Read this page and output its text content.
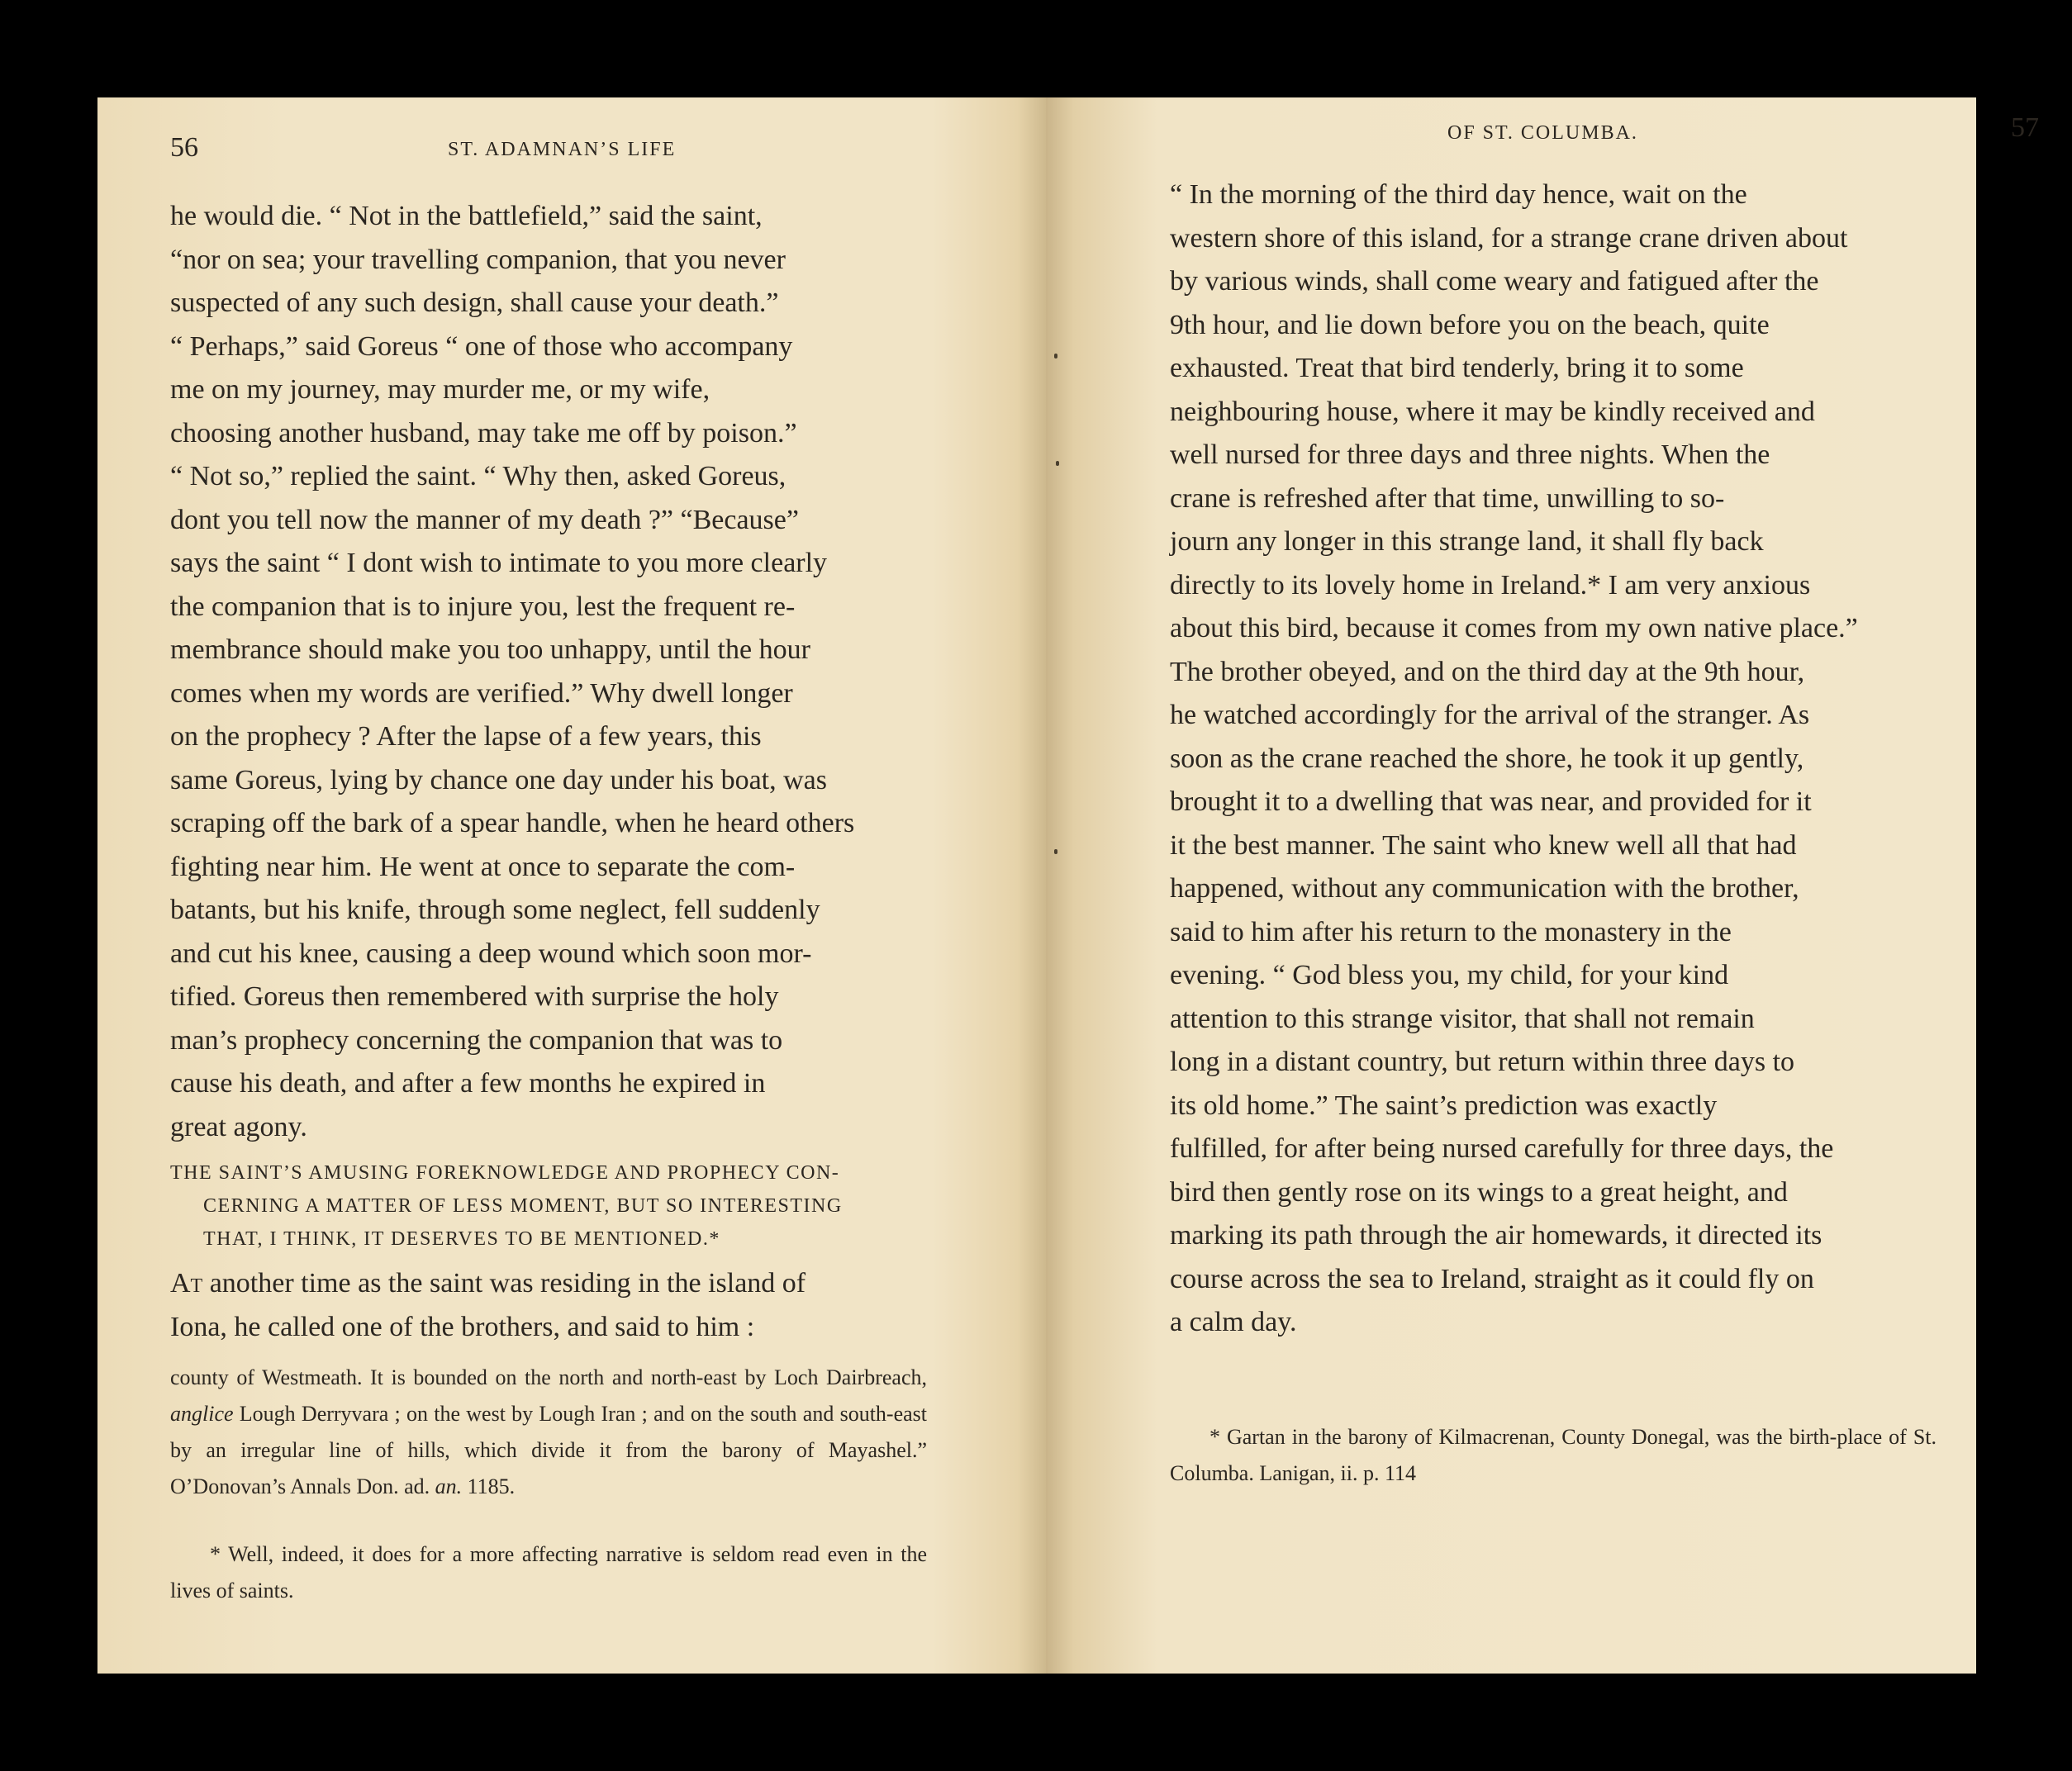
56	ST. ADAMNAN’S LIFE

he would die. “ Not in the battlefield,” said the saint,

“nor on sea; your travelling companion, that you never

suspected of any such design, shall cause your death.”

“ Perhaps,” said Goreus “ one of those who accompany

me on my journey, may murder me, or my wife,

choosing another husband, may take me off by poison.”

“ Not so,” replied the saint. “ Why then, asked Goreus,

dont you tell now the manner of my death ?” “Because”

says the saint “ I dont wish to intimate to you more clearly

the companion that is to injure you, lest the frequent re-

membrance should make you too unhappy, until the hour

comes when my words are verified.” Why dwell longer

on the prophecy ? After the lapse of a few years, this

same Goreus, lying by chance one day under his boat, was

scraping off the bark of a spear handle, when he heard others

fighting near him. He went at once to separate the com-

batants, but his knife, through some neglect, fell suddenly

and cut his knee, causing a deep wound which soon mor-

tified. Goreus then remembered with surprise the holy

man’s prophecy concerning the companion that was to

cause his death, and after a few months he expired in

great agony.

THE SAINT’S AMUSING FOREKNOWLEDGE AND PROPHECY CON-
CERNING A MATTER OF LESS MOMENT, BUT SO INTERESTING
THAT, I THINK, IT DESERVES TO BE MENTIONED.*

At another time as the saint was residing in the island of

Iona, he called one of the brothers, and said to him :

county of Westmeath. It is bounded on the north and north-east by Loch Dairbreach, anglice Lough Derryvara ; on the west by Lough Iran ; and on the south and south-east by an irregular line of hills, which divide it from the barony of Mayashel.” O’Donovan’s Annals Don. ad. an. 1185.
* Well, indeed, it does for a more affecting narrative is seldom read even in the lives of saints.
OF ST. COLUMBA.	57

“ In the morning of the third day hence, wait on the

western shore of this island, for a strange crane driven about

by various winds, shall come weary and fatigued after the

9th hour, and lie down before you on the beach, quite

exhausted. Treat that bird tenderly, bring it to some

neighbouring house, where it may be kindly received and

well nursed for three days and three nights. When the

crane is refreshed after that time, unwilling to so-

journ any longer in this strange land, it shall fly back

directly to its lovely home in Ireland.* I am very anxious

about this bird, because it comes from my own native place.”

The brother obeyed, and on the third day at the 9th hour,

he watched accordingly for the arrival of the stranger. As

soon as the crane reached the shore, he took it up gently,

brought it to a dwelling that was near, and provided for it

it the best manner. The saint who knew well all that had

happened, without any communication with the brother,

said to him after his return to the monastery in the

evening. “ God bless you, my child, for your kind

attention to this strange visitor, that shall not remain

long in a distant country, but return within three days to

its old home.” The saint’s prediction was exactly

fulfilled, for after being nursed carefully for three days, the

bird then gently rose on its wings to a great height, and

marking its path through the air homewards, it directed its

course across the sea to Ireland, straight as it could fly on

a calm day.

* Gartan in the barony of Kilmacrenan, County Donegal, was the birth-place of St. Columba. Lanigan, ii. p. 114
